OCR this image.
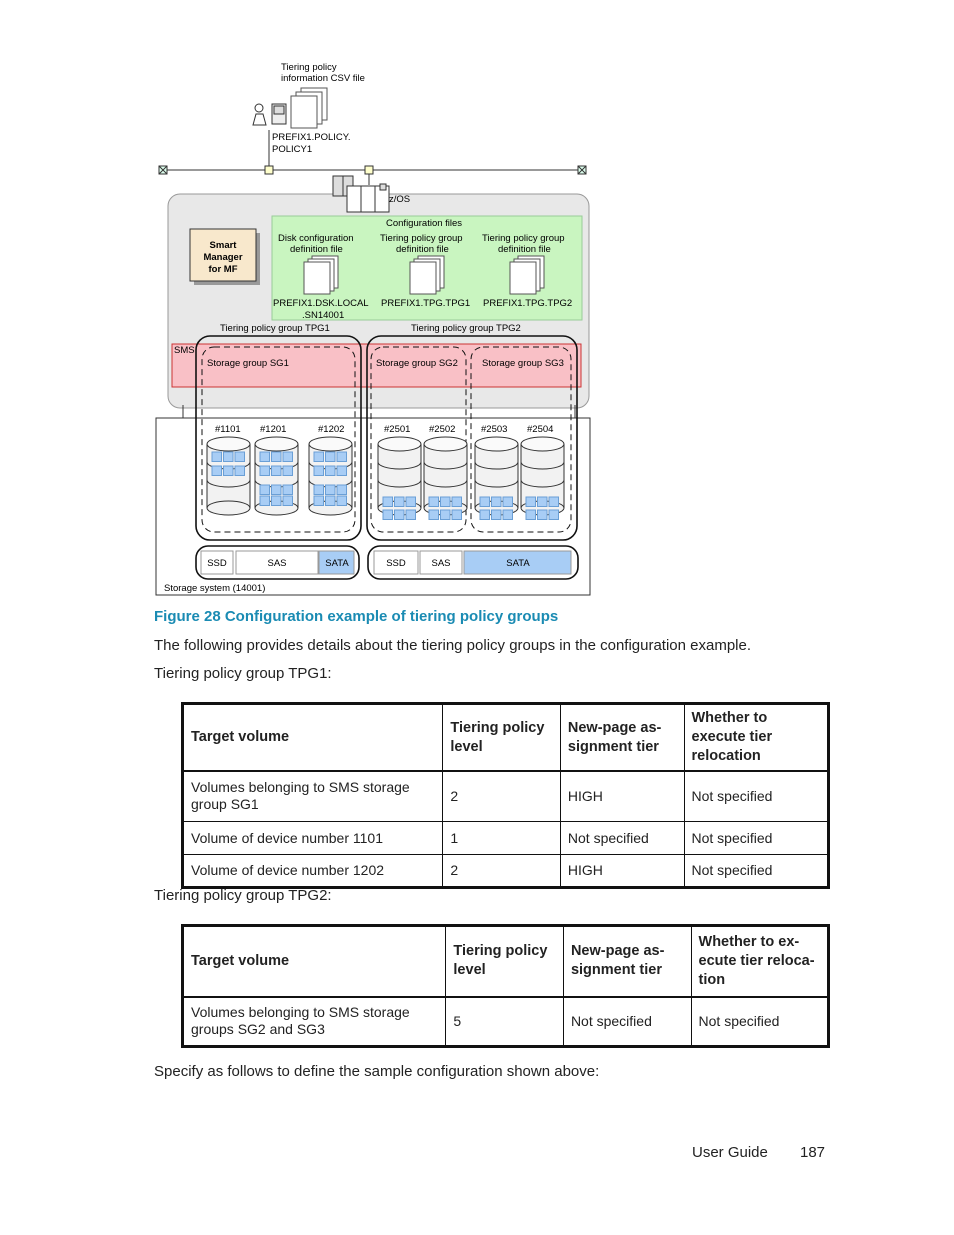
Tiering policy
information CSV file
PREFIX1.POLICY.
POLICY1
z/OS
Configuration files
Disk configuration
definition file
Tiering policy group
definition file
Tiering policy group
definition file
PREFIX1.DSK.LOCAL
.SN14001
PREFIX1.TPG.TPG1 PREFIX1.TPG.TPG2
Smart
Manager
for MF
Tiering policy group TPG1	Tiering policy group TPG2
SMS
Storage system (14001)
Storage group SG1	Storage group SG2	Storage group SG3
#1101 #1201	#1202	#2501 #2502	#2503 #2504
SSD	SAS	SATA	SSD	SAS	SATA
Figure 28 Configuration example of tiering policy groups
The following provides details about the tiering policy groups in the configuration example.
Tiering policy group TPG1:
Target volume	Tiering policy level	New-page as- signment tier	Whether to execute tier relocation
Volumes belonging to SMS storage group SG1	2	HIGH	Not specified
Volume of device number 1101	1	Not specified	Not specified
Volume of device number 1202	2	HIGH	Not specified
Tiering policy group TPG2:
Target volume	Tiering policy level	New-page as- signment tier	Whether to ex- ecute tier reloca- tion
Volumes belonging to SMS storage groups SG2 and SG3	5	Not specified	Not specified
Specify as follows to define the sample configuration shown above:
User Guide 187
